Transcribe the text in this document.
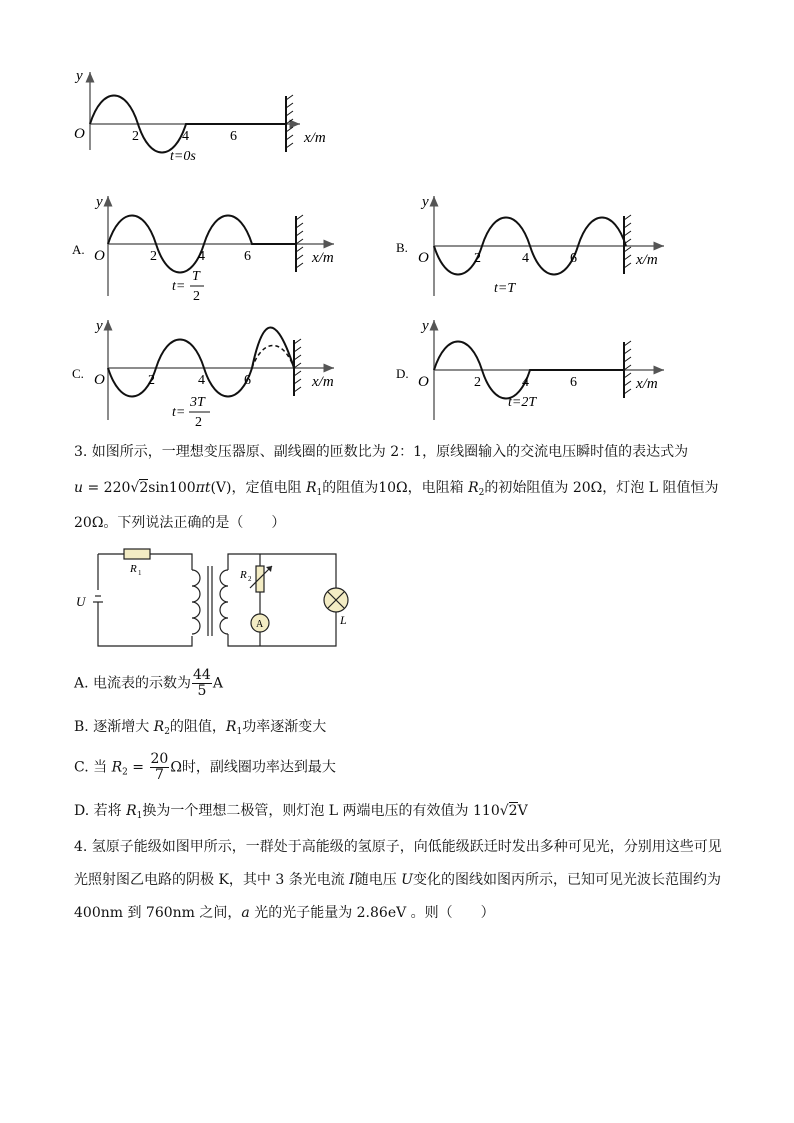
y
O	2	4	6	x/m
t=0s
A.
y
O	2	4	6	x/m
t=
T
2
B.
y
O	2	4	6	x/m
t=T
C.
y
O	2	4	6	x/m
t=
3T
2
D.
y
O	2	4	6	x/m
t=2T
3. 如图所示，一理想变压器原、副线圈的匝数比为 2：1，原线圈输入的交流电压瞬时值的表达式为
u = 220√2sin100πt(V)，定值电阻 $R_1$的阻值为10Ω，电阻箱 $R_2$的初始阻值为 20Ω，灯泡 L 阻值恒为
20Ω。下列说法正确的是（　　）
R 1	R 2
U
A	L
A. 电流表的示数为 $\frac{44}{5}$ A
B. 逐渐增大 $R_2$的阻值，$R_1$功率逐渐变大
C. 当 $R_2 = \frac{20}{7}$ Ω时，副线圈功率达到最大
D. 若将 $R_1$换为一个理想二极管，则灯泡 L 两端电压的有效值为 110√2V
4. 氢原子能级如图甲所示，一群处于高能级的氢原子，向低能级跃迁时发出多种可见光，分别用这些可见
光照射图乙电路的阴极 K，其中 3 条光电流 I随电压 U变化的图线如图丙所示，已知可见光波长范围约为
400nm 到 760nm 之间，a 光的光子能量为 2.86eV 。则（　　）
